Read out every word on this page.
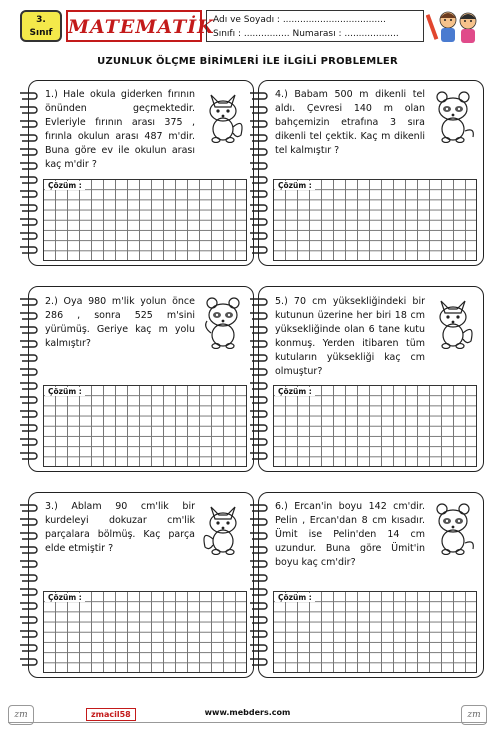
3.
Sınıf MATEMATİK
Adı ve Soyadı : ....................................
Sınıfı : ................ Numarası : ...................
UZUNLUK ÖLÇME BİRİMLERİ İLE İLGİLİ PROBLEMLER
1.) Hale okula giderken fırının önünden geçmektedir. Evleriyle fırının arası 375 , fırınla okulun arası 487 m'dir. Buna göre ev ile okulun arası kaç m'dir ?
Çözüm :
4.) Babam 500 m dikenli tel aldı. Çevresi 140 m olan bahçemizin etrafına 3 sıra dikenli tel çektik. Kaç m dikenli tel kalmıştır ?
Çözüm :
2.) Oya 980 m'lik yolun önce 286 , sonra 525 m'sini yürümüş. Geriye kaç m yolu kalmıştır?
Çözüm :
5.) 70 cm yüksekliğindeki bir kutunun üzerine her biri 18 cm yüksekliğinde olan 6 tane kutu konmuş. Yerden itibaren tüm kutuların yüksekliği kaç cm olmuştur?
Çözüm :
3.) Ablam 90 cm'lik bir kurdeleyi dokuzar cm'lik parçalara bölmüş. Kaç parça elde etmiştir ?
Çözüm :
6.) Ercan'in boyu 142 cm'dir. Pelin , Ercan'dan 8 cm kısadır. Ümit ise Pelin'den 14 cm uzundur. Buna göre Ümit'in boyu kaç cm'dir?
Çözüm :
zm	zmacil58	www.mebders.com	zm
